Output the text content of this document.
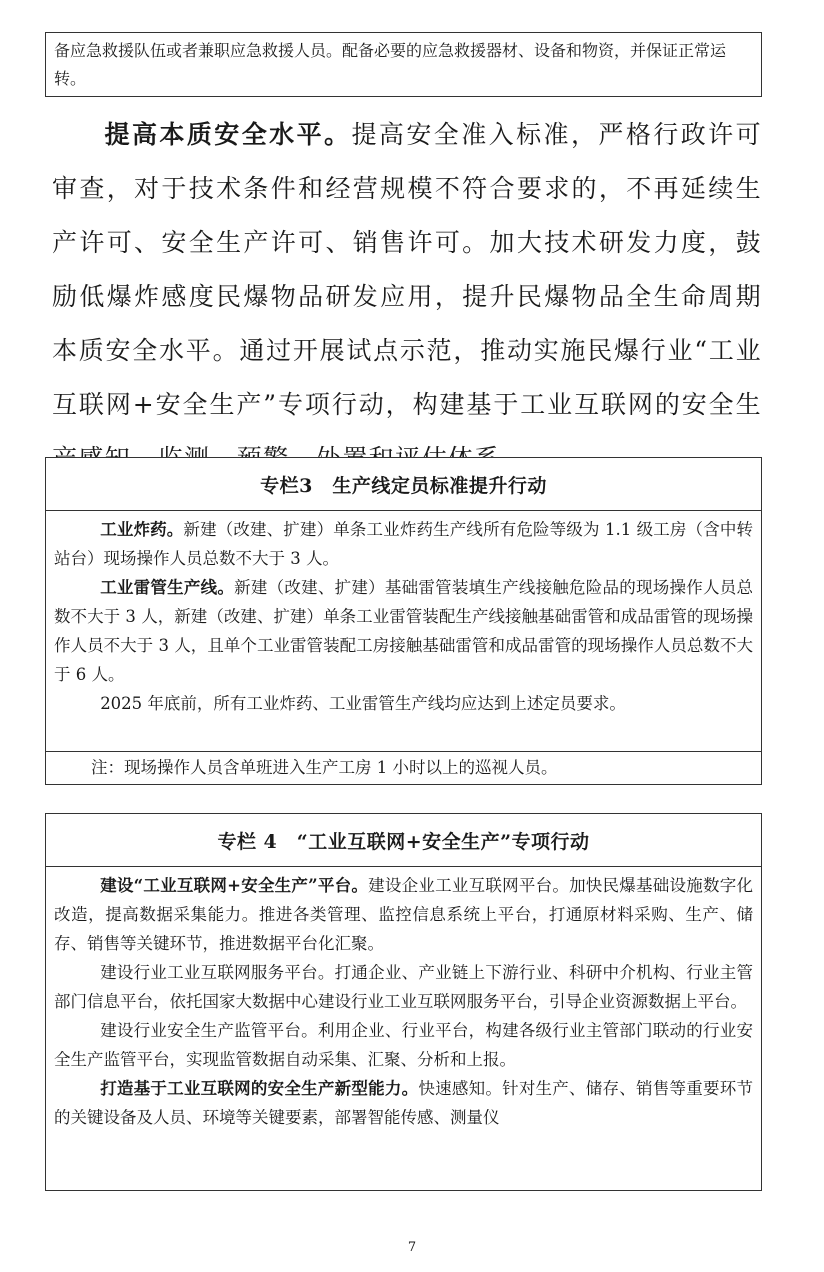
备应急救援队伍或者兼职应急救援人员。配备必要的应急救援器材、设备和物资，并保证正常运转。

提高本质安全水平。提高安全准入标准，严格行政许可审查，对于技术条件和经营规模不符合要求的，不再延续生产许可、安全生产许可、销售许可。加大技术研发力度，鼓励低爆炸感度民爆物品研发应用，提升民爆物品全生命周期本质安全水平。通过开展试点示范，推动实施民爆行业“工业互联网+安全生产”专项行动，构建基于工业互联网的安全生

专栏3　生产线定员标准提升行动

工业炸药。新建（改建、扩建）单条工业炸药生产线所有危险等级为 1.1 级工房（含中转站台）现场操作人员总数不大于 3 人。

工业雷管生产线。新建（改建、扩建）基础雷管装填生产线接触危险品的现场操作人员总数不大于 3 人，新建（改建、扩建）单条工业雷管装配生产线接触基础雷管和成品雷管的现场操作人员不大于 3 人，且单个工业雷管装配工房接触基础雷管和成品雷管的现场操作人员总数不大于 6 人。

2025 年底前，所有工业炸药、工业雷管生产线均应达到上述定员要求。

注：现场操作人员含单班进入生产工房 1 小时以上的巡视人员。
专栏 4　“工业互联网+安全生产”专项行动

建设“工业互联网+安全生产”平台。建设企业工业互联网平台。加快民爆基础设施数字化改造，提高数据采集能力。推进各类管理、监控信息系统上平台，打通原材料采购、生产、储存、销售等关键环节，推进数据平台化汇聚。

建设行业工业互联网服务平台。打通企业、产业链上下游行业、科研中介机构、行业主管部门信息平台，依托国家大数据中心建设行业工业互联网服务平台，引导企业资源数据上平台。

建设行业安全生产监管平台。利用企业、行业平台，构建各级行业主管部门联动的行业安全生产监管平台，实现监管数据自动采集、汇聚、分析和上报。

打造基于工业互联网的安全生产新型能力。快速感知。针对生产、储存、销售等重要环节的关键设备及人员、环境等关键要素，部署智能传感、测量仪

7
